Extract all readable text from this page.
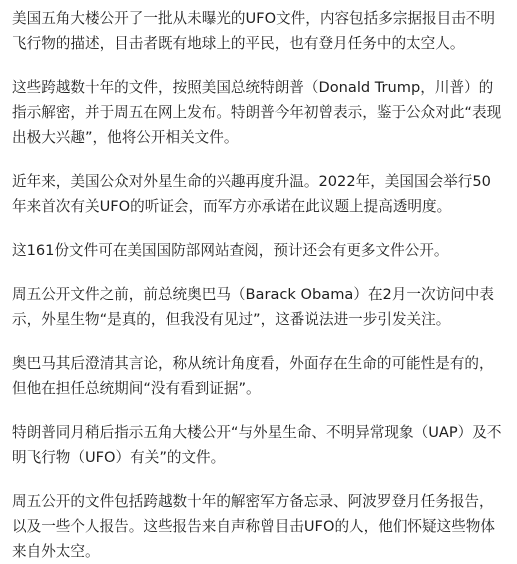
美国五角大楼公开了一批从未曝光的UFO文件，内容包括多宗据报目击不明飞行物的描述，目击者既有地球上的平民，也有登月任务中的太空人。

这些跨越数十年的文件，按照美国总统特朗普（Donald Trump，川普）的指示解密，并于周五在网上发布。特朗普今年初曾表示，鉴于公众对此“表现出极大兴趣”，他将公开相关文件。

近年来，美国公众对外星生命的兴趣再度升温。2022年，美国国会举行50年来首次有关UFO的听证会，而军方亦承诺在此议题上提高透明度。

这161份文件可在美国国防部网站查阅，预计还会有更多文件公开。

周五公开文件之前，前总统奥巴马（Barack Obama）在2月一次访问中表示，外星生物“是真的，但我没有见过”，这番说法进一步引发关注。

奥巴马其后澄清其言论，称从统计角度看，外面存在生命的可能性是有的，但他在担任总统期间“没有看到证据”。

特朗普同月稍后指示五角大楼公开“与外星生命、不明异常现象（UAP）及不明飞行物（UFO）有关”的文件。

周五公开的文件包括跨越数十年的解密军方备忘录、阿波罗登月任务报告，以及一些个人报告。这些报告来自声称曾目击UFO的人，他们怀疑这些物体来自外太空。
